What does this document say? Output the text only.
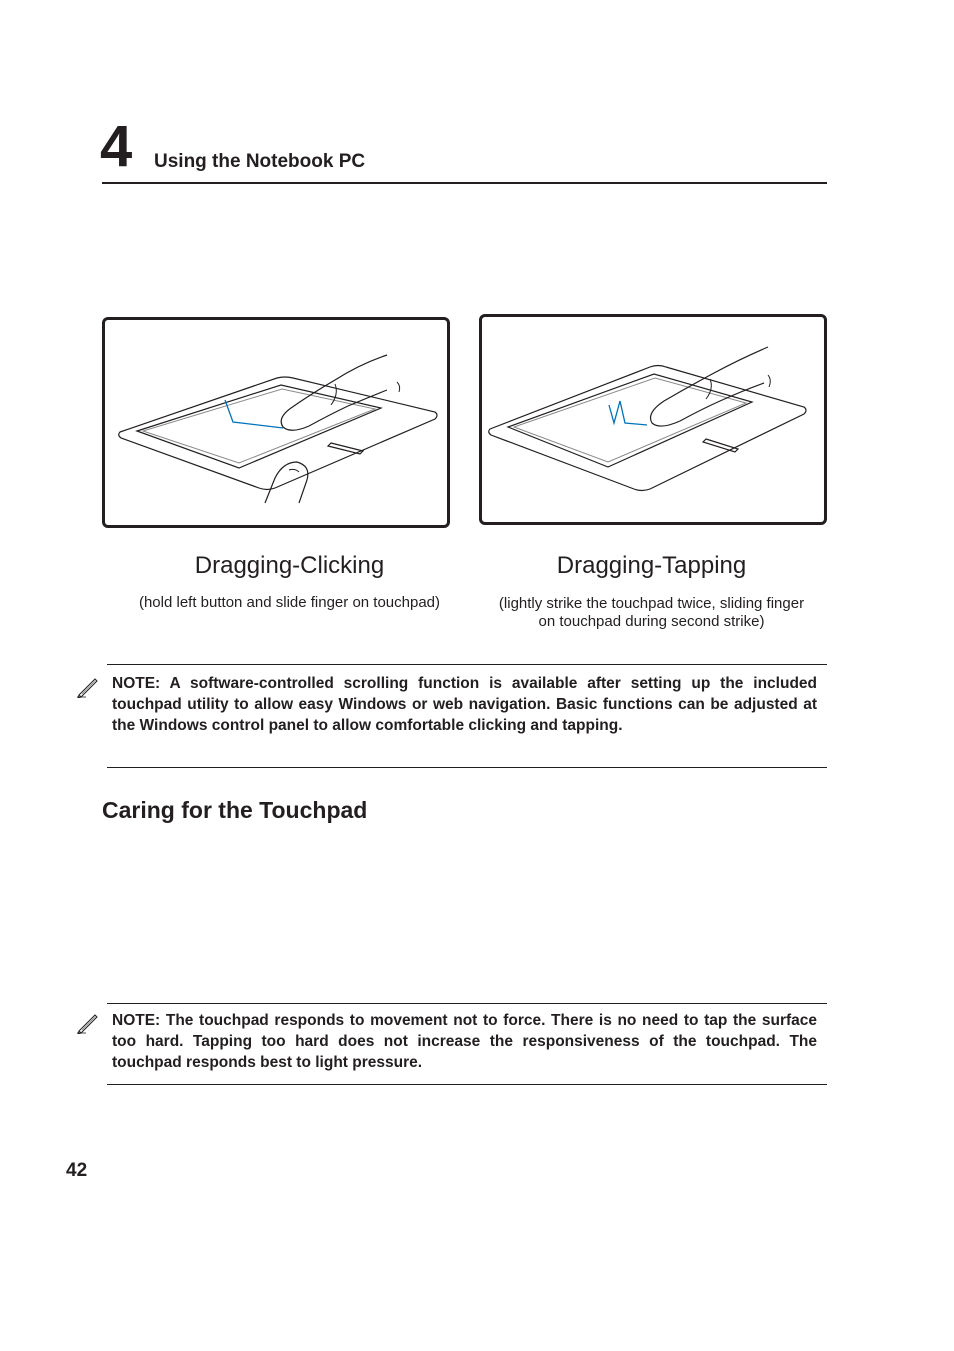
4 Using the Notebook PC
Dragging-Clicking
(hold left button and slide finger on touchpad)
Dragging-Tapping
(lightly strike the touchpad twice, sliding finger
on touchpad during second strike)
NOTE: A software-controlled scrolling function is available after setting up the included touchpad utility to allow easy Windows or web navigation. Basic functions can be adjusted at the Windows control panel to allow comfortable clicking and tapping.
Caring for the Touchpad
NOTE: The touchpad responds to movement not to force. There is no need to tap the surface too hard. Tapping too hard does not increase the responsiveness of the touchpad. The touchpad responds best to light pressure.
42
